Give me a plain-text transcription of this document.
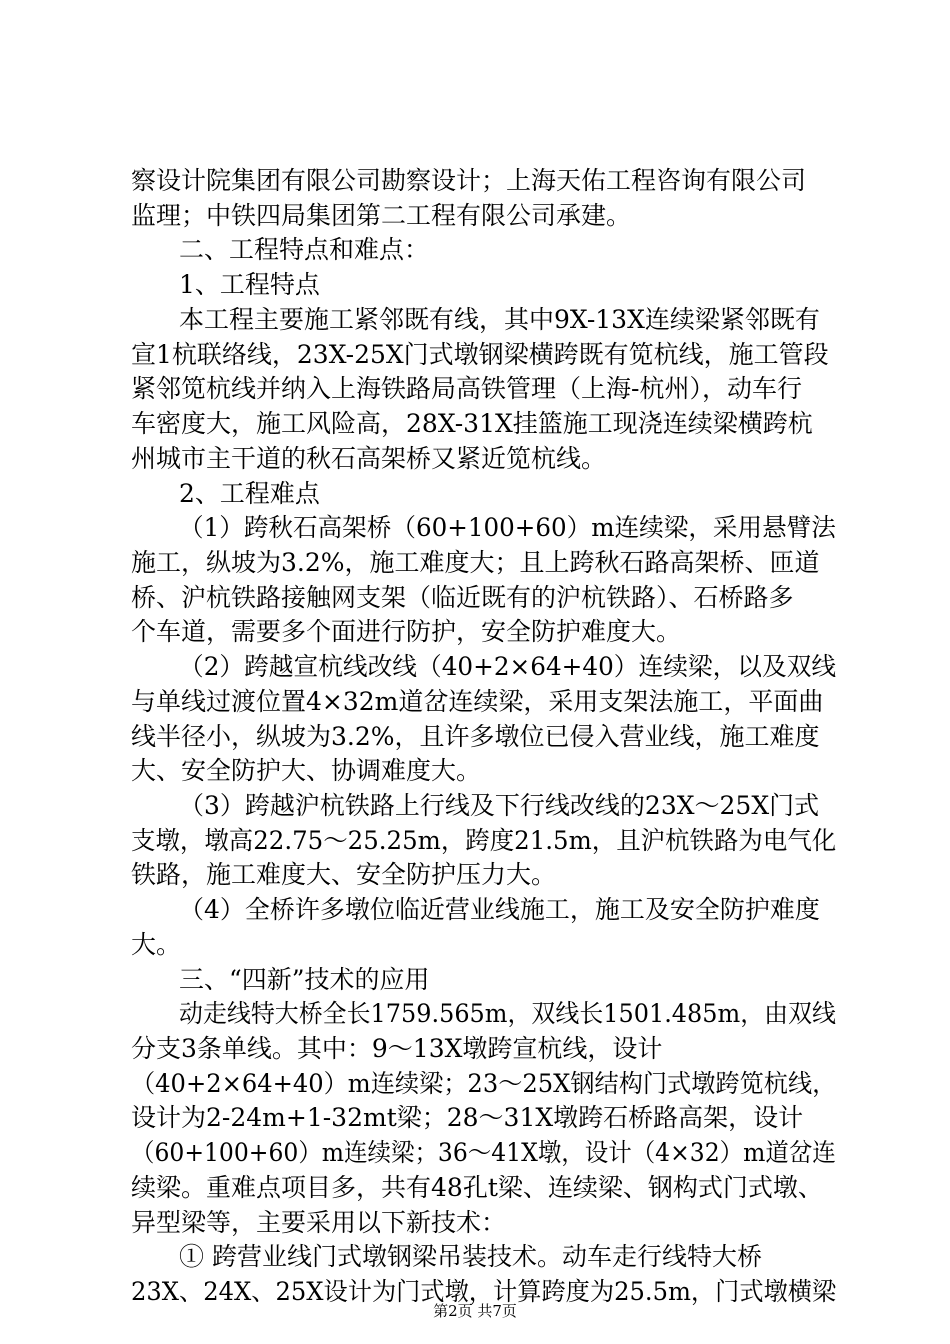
察设计院集团有限公司勘察设计；上海天佑工程咨询有限公司
监理；中铁四局集团第二工程有限公司承建。
二、工程特点和难点：
1、工程特点
本工程主要施工紧邻既有线，其中9X-13X连续梁紧邻既有
宣1杭联络线，23X-25X门式墩钢梁横跨既有笕杭线，施工管段
紧邻笕杭线并纳入上海铁路局高铁管理（上海-杭州），动车行
车密度大，施工风险高，28X-31X挂篮施工现浇连续梁横跨杭
州城市主干道的秋石高架桥又紧近笕杭线。
2、工程难点
（1）跨秋石高架桥（60+100+60）m连续梁，采用悬臂法
施工，纵坡为3.2%，施工难度大；且上跨秋石路高架桥、匝道
桥、沪杭铁路接触网支架（临近既有的沪杭铁路）、石桥路多
个车道，需要多个面进行防护，安全防护难度大。
（2）跨越宣杭线改线（40+2×64+40）连续梁，以及双线
与单线过渡位置4×32m道岔连续梁，采用支架法施工，平面曲
线半径小，纵坡为3.2%，且许多墩位已侵入营业线，施工难度
大、安全防护大、协调难度大。
（3）跨越沪杭铁路上行线及下行线改线的23X～25X门式
支墩，墩高22.75～25.25m，跨度21.5m，且沪杭铁路为电气化
铁路，施工难度大、安全防护压力大。
（4）全桥许多墩位临近营业线施工，施工及安全防护难度
大。
三、“四新”技术的应用
动走线特大桥全长1759.565m，双线长1501.485m，由双线
分支3条单线。其中：9～13X墩跨宣杭线，设计
（40+2×64+40）m连续梁；23～25X钢结构门式墩跨笕杭线，
设计为2-24m+1-32mt梁；28～31X墩跨石桥路高架，设计
（60+100+60）m连续梁；36～41X墩，设计（4×32）m道岔连
续梁。重难点项目多，共有48孔t梁、连续梁、钢构式门式墩、
异型梁等，主要采用以下新技术：
① 跨营业线门式墩钢梁吊装技术。动车走行线特大桥
23X、24X、25X设计为门式墩，计算跨度为25.5m，门式墩横梁
第2页 共7页
